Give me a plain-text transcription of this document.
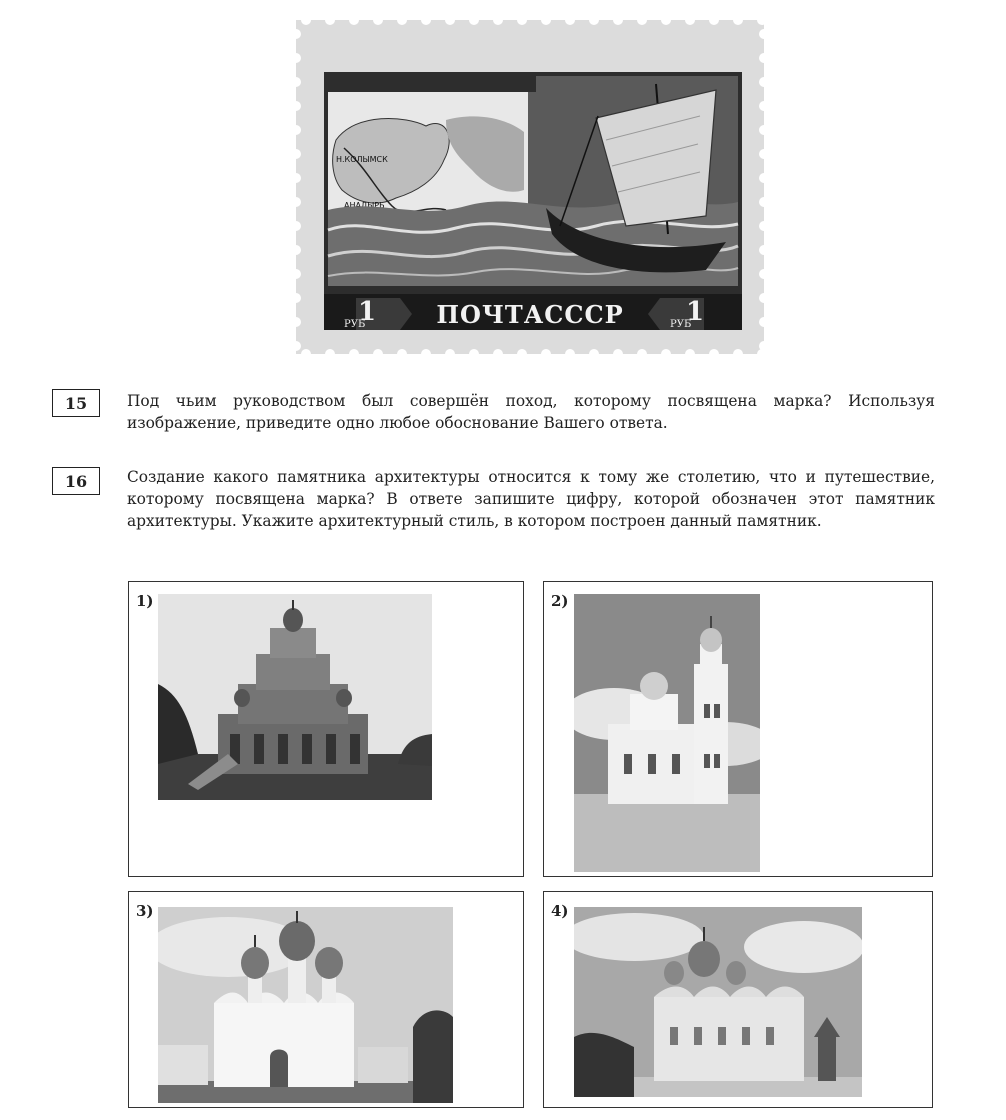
Н.КОЛЫМСК
АНАДЫРЬ
1
РУБ	ПОЧТАСССР 1
РУБ
15	Под чьим руководством был совершён поход, которому посвящена марка? Используя изображение, приведите одно любое обоснование Вашего ответа.
16	Создание какого памятника архитектуры относится к тому же столетию, что и путешествие, которому посвящена марка? В ответе запишите цифру, которой обозначен этот памятник архитектуры. Укажите архитектурный стиль, в котором построен данный памятник.
1)	2)
3)	4)
